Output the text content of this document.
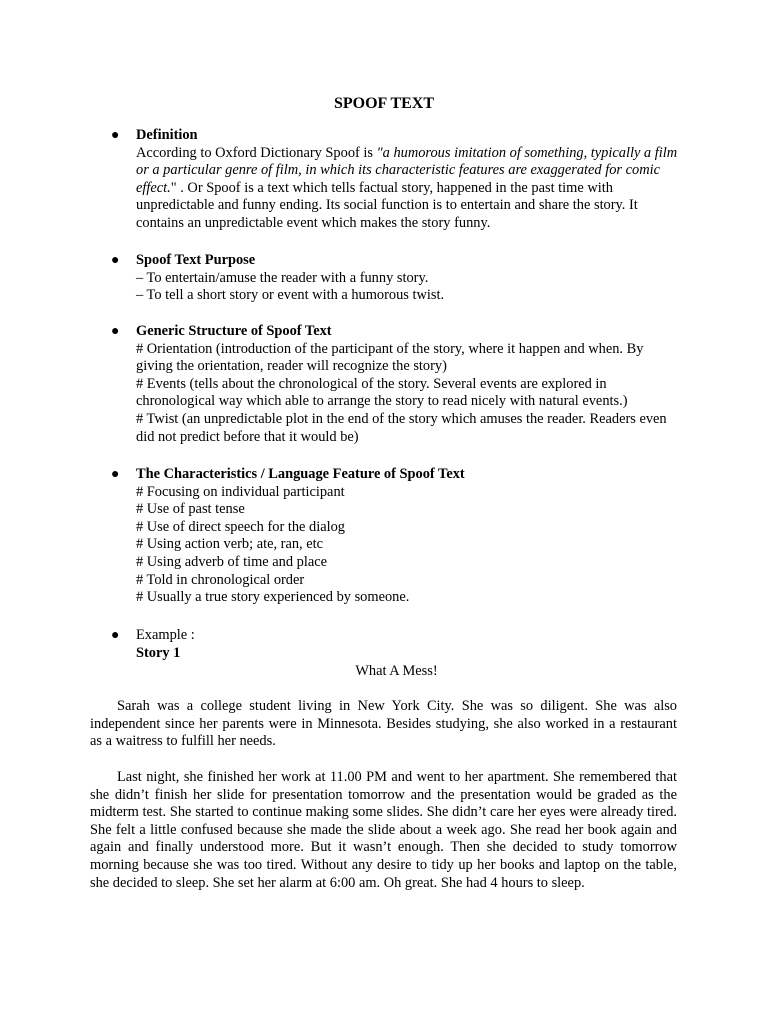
SPOOF TEXT
● Definition
According to Oxford Dictionary Spoof is "a humorous imitation of something, typically a film or a particular genre of film, in which its characteristic features are exaggerated for comic effect." . Or Spoof is a text which tells factual story, happened in the past time with unpredictable and funny ending. Its social function is to entertain and share the story. It contains an unpredictable event which makes the story funny.
● Spoof Text Purpose
– To entertain/amuse the reader with a funny story.
– To tell a short story or event with a humorous twist.
● Generic Structure of Spoof Text
# Orientation (introduction of the participant of the story, where it happen and when. By giving the orientation, reader will recognize the story)
# Events (tells about the chronological of the story. Several events are explored in chronological way which able to arrange the story to read nicely with natural events.)
# Twist (an unpredictable plot in the end of the story which amuses the reader. Readers even did not predict before that it would be)
● The Characteristics / Language Feature of Spoof Text
# Focusing on individual participant
# Use of past tense
# Use of direct speech for the dialog
# Using action verb; ate, ran, etc
# Using adverb of time and place
# Told in chronological order
# Usually a true story experienced by someone.
● Example :
Story 1
What A Mess!
Sarah was a college student living in New York City. She was so diligent. She was also independent since her parents were in Minnesota. Besides studying, she also worked in a restaurant as a waitress to fulfill her needs.
Last night, she finished her work at 11.00 PM and went to her apartment. She remembered that she didn’t finish her slide for presentation tomorrow and the presentation would be graded as the midterm test. She started to continue making some slides. She didn’t care her eyes were already tired. She felt a little confused because she made the slide about a week ago. She read her book again and again and finally understood more. But it wasn’t enough. Then she decided to study tomorrow morning because she was too tired. Without any desire to tidy up her books and laptop on the table, she decided to sleep. She set her alarm at 6:00 am. Oh great. She had 4 hours to sleep.
